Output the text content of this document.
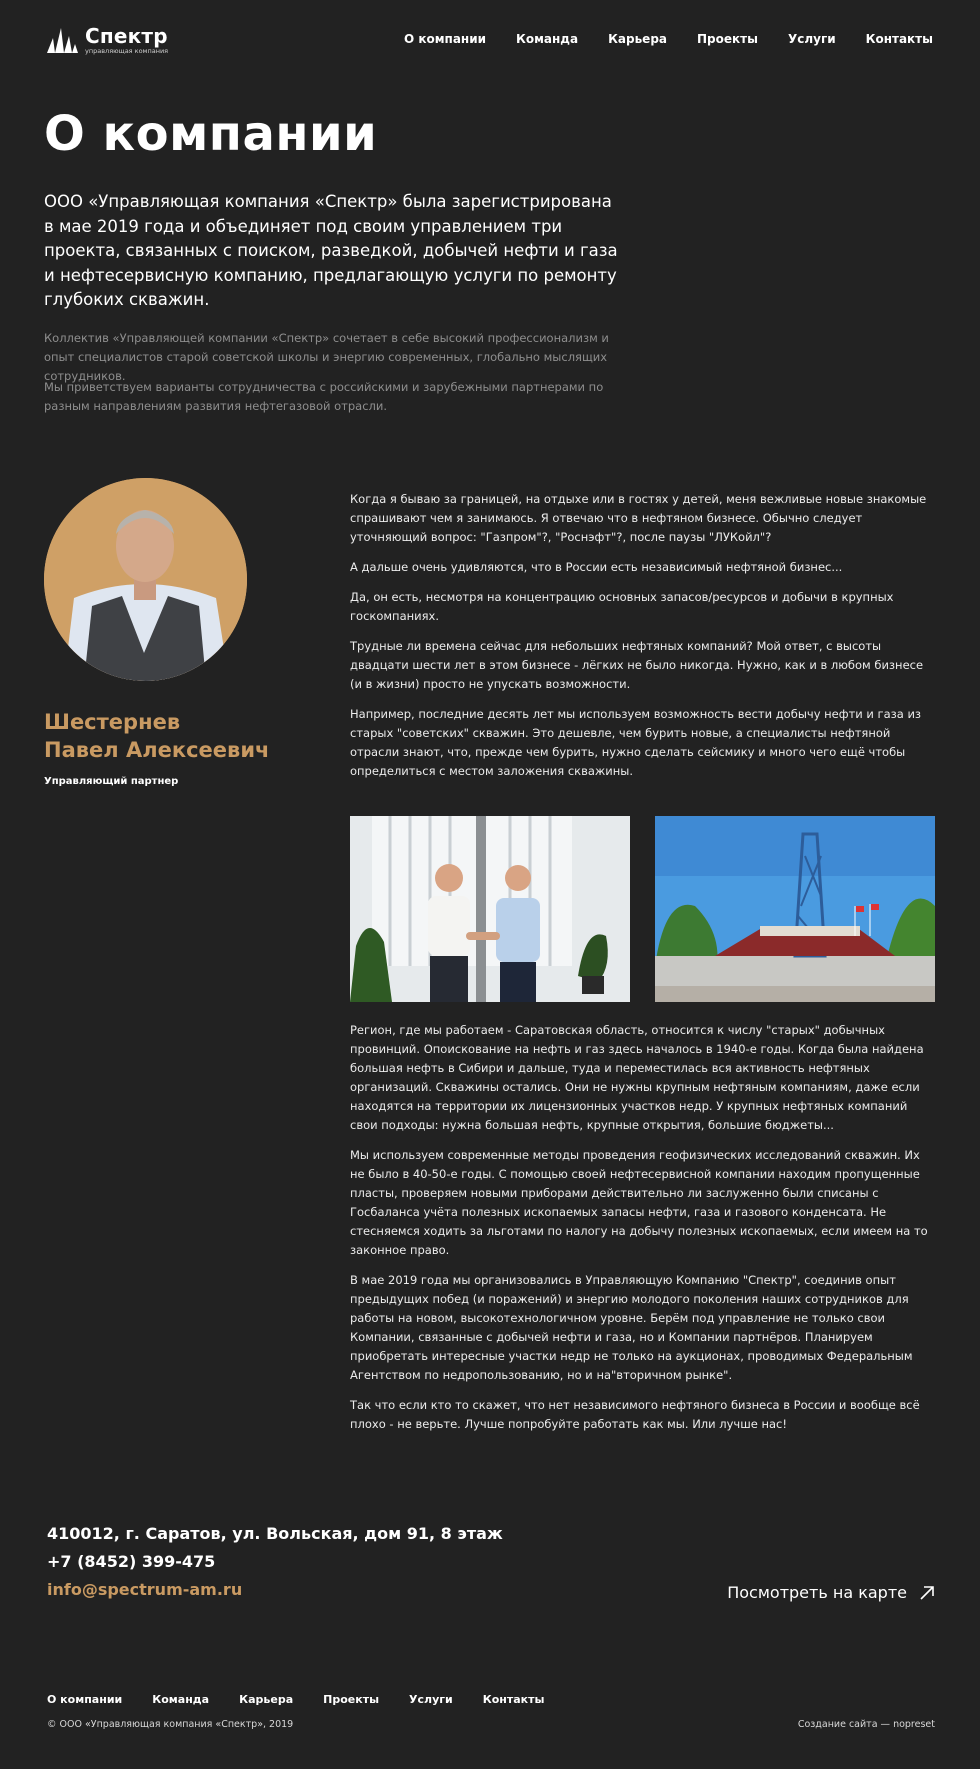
Спектр
управляющая компания
О компании	Команда	Карьера	Проекты	Услуги	Контакты
О компании
ООО «Управляющая компания «Спектр» была зарегистрирована в мае 2019 года и объединяет под своим управлением три проекта, связанных с поиском, разведкой, добычей нефти и газа и нефтесервисную компанию, предлагающую услуги по ремонту глубоких скважин.
Коллектив «Управляющей компании «Спектр» сочетает в себе высокий профессионализм и опыт специалистов старой советской школы и энергию современных, глобально мыслящих сотрудников.
Мы приветствуем варианты сотрудничества с российскими и зарубежными партнерами по разным направлениям развития нефтегазовой отрасли.
Шестернев
Павел Алексеевич
Управляющий партнер

Когда я бываю за границей, на отдыхе или в гостях у детей, меня вежливые новые знакомые спрашивают чем я занимаюсь. Я отвечаю что в нефтяном бизнесе. Обычно следует уточняющий вопрос: "Газпром"?, "Роснэфт"?, после паузы "ЛУКойл"?

А дальше очень удивляются, что в России есть независимый нефтяной бизнес...

Да, он есть, несмотря на концентрацию основных запасов/ресурсов и добычи в крупных госкомпаниях.

Трудные ли времена сейчас для небольших нефтяных компаний? Мой ответ, с высоты двадцати шести лет в этом бизнесе - лёгких не было никогда. Нужно, как и в любом бизнесе (и в жизни) просто не упускать возможности.

Например, последние десять лет мы используем возможность вести добычу нефти и газа из старых "советских" скважин. Это дешевле, чем бурить новые, а специалисты нефтяной отрасли знают, что, прежде чем бурить, нужно сделать сейсмику и много чего ещё чтобы определиться с местом заложения скважины.

Регион, где мы работаем - Саратовская область, относится к числу "старых" добычных провинций. Опоискование на нефть и газ здесь началось в 1940-е годы. Когда была найдена большая нефть в Сибири и дальше, туда и переместилась вся активность нефтяных организаций. Скважины остались. Они не нужны крупным нефтяным компаниям, даже если находятся на территории их лицензионных участков недр. У крупных нефтяных компаний свои подходы: нужна большая нефть, крупные открытия, большие бюджеты...

Мы используем современные методы проведения геофизических исследований скважин. Их не было в 40-50-е годы. С помощью своей нефтесервисной компании находим пропущенные пласты, проверяем новыми приборами действительно ли заслуженно были списаны с Госбаланса учёта полезных ископаемых запасы нефти, газа и газового конденсата. Не стесняемся ходить за льготами по налогу на добычу полезных ископаемых, если имеем на то законное право.

В мае 2019 года мы организовались в Управляющую Компанию "Спектр", соединив опыт предыдущих побед (и поражений) и энергию молодого поколения наших сотрудников для работы на новом, высокотехнологичном уровне. Берём под управление не только свои Компании, связанные с добычей нефти и газа, но и Компании партнёров. Планируем приобретать интересные участки недр не только на аукционах, проводимых Федеральным Агентством по недропользованию, но и на"вторичном рынке".

Так что если кто то скажет, что нет независимого нефтяного бизнеса в России и вообще всё плохо - не верьте. Лучше попробуйте работать как мы. Или лучше нас!

410012, г. Саратов, ул. Вольская, дом 91, 8 этаж
+7 (8452) 399-475
info@spectrum-am.ru	Посмотреть на карте
О компании	Команда	Карьера	Проекты	Услуги	Контакты
© ООО «Управляющая компания «Спектр», 2019	Создание сайта — nopreset
